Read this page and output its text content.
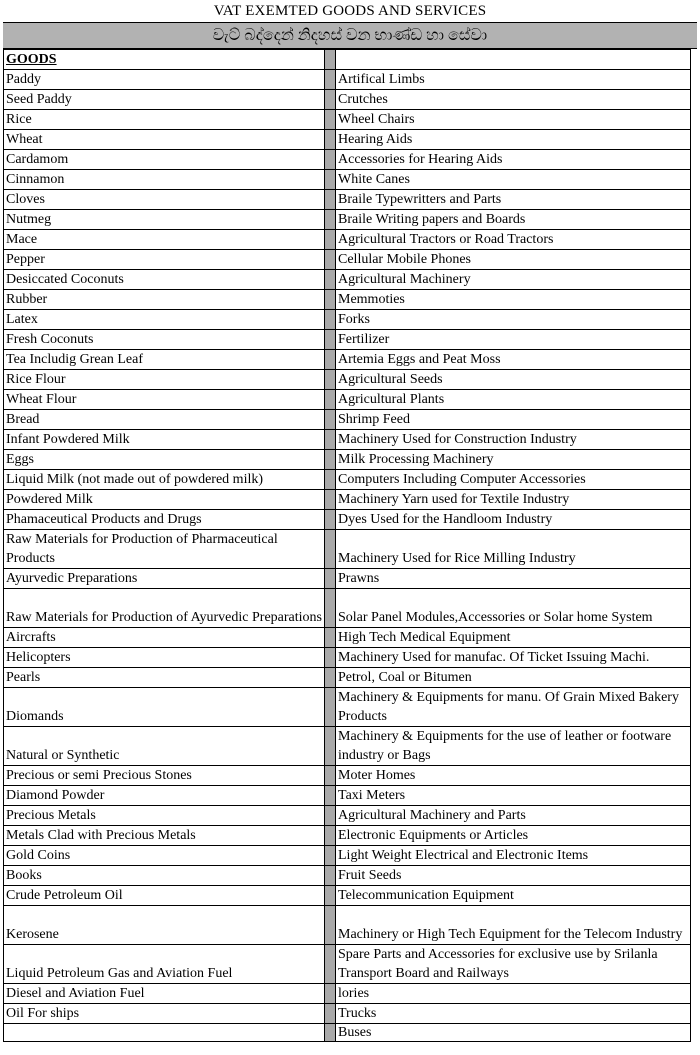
VAT EXEMTED GOODS AND SERVICES
වැට් බද්දෙන් නිදහස් වන භාණ්ඩ හා සේවා
GOODS		
Paddy		Artifical Limbs
Seed Paddy		Crutches
Rice		Wheel Chairs
Wheat		Hearing Aids
Cardamom		Accessories for Hearing Aids
Cinnamon		White Canes
Cloves		Braile Typewritters and Parts
Nutmeg		Braile Writing papers and Boards
Mace		Agricultural Tractors or Road Tractors
Pepper		Cellular Mobile Phones
Desiccated Coconuts		Agricultural Machinery
Rubber		Memmoties
Latex		Forks
Fresh Coconuts		Fertilizer
Tea Includig Grean Leaf		Artemia Eggs and Peat Moss
Rice Flour		Agricultural Seeds
Wheat Flour		Agricultural Plants
Bread		Shrimp Feed
Infant Powdered Milk		Machinery Used for Construction Industry
Eggs		Milk Processing Machinery
Liquid Milk (not made out of powdered milk)		Computers Including Computer Accessories
Powdered Milk		Machinery Yarn used for Textile Industry
Phamaceutical Products and Drugs		Dyes Used for the Handloom Industry
Raw Materials for Production of Pharmaceutical Products		Machinery Used for Rice Milling Industry
Ayurvedic Preparations		Prawns
Raw Materials for Production of Ayurvedic Preparations		Solar Panel Modules,Accessories or Solar home System
Aircrafts		High Tech Medical Equipment
Helicopters		Machinery Used for manufac. Of Ticket Issuing Machi.
Pearls		Petrol, Coal or Bitumen
Diomands		Machinery & Equipments for manu. Of Grain Mixed Bakery Products
Natural or Synthetic		Machinery & Equipments for the use of leather or footware industry or Bags
Precious or semi Precious Stones		Moter Homes
Diamond Powder		Taxi Meters
Precious Metals		Agricultural Machinery and Parts
Metals Clad with Precious Metals		Electronic Equipments or Articles
Gold Coins		Light Weight Electrical and Electronic Items
Books		Fruit Seeds
Crude Petroleum Oil		Telecommunication Equipment
Kerosene		Machinery or High Tech Equipment for the Telecom Industry
Liquid Petroleum Gas and Aviation Fuel		Spare Parts and Accessories for exclusive use by Srilanla Transport Board and Railways
Diesel and Aviation Fuel		lories
Oil For ships		Trucks
		Buses
